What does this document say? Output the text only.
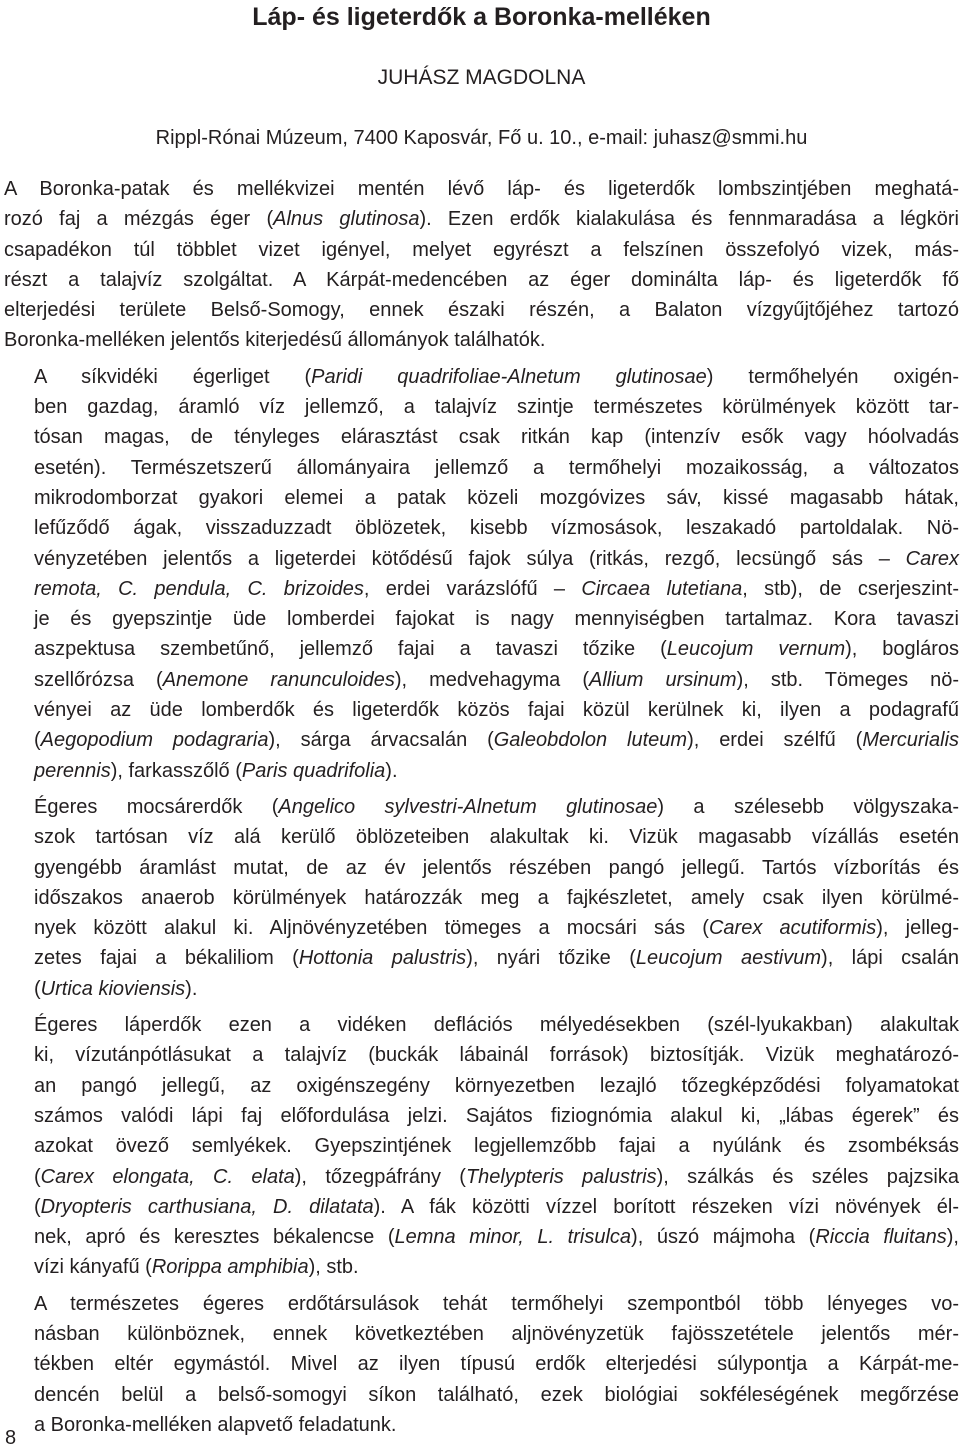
Láp- és ligeterdők a Boronka-melléken
JUHÁSZ MAGDOLNA
Rippl-Rónai Múzeum, 7400 Kaposvár, Fő u. 10., e-mail: juhasz@smmi.hu

A Boronka-patak és mellékvizei mentén lévő láp- és ligeterdők lombszintjében meghatá-
rozó faj a mézgás éger (Alnus glutinosa). Ezen erdők kialakulása és fennmaradása a légköri
csapadékon túl többlet vizet igényel, melyet egyrészt a felszínen összefolyó vizek, más-
részt a talajvíz szolgáltat. A Kárpát-medencében az éger dominálta láp- és ligeterdők fő
elterjedési területe Belső-Somogy, ennek északi részén, a Balaton vízgyűjtőjéhez tartozó
Boronka-melléken jelentős kiterjedésű állományok találhatók.

A síkvidéki égerliget (Paridi quadrifoliae-Alnetum glutinosae) termőhelyén oxigén-
ben gazdag, áramló víz jellemző, a talajvíz szintje természetes körülmények között tar-
tósan magas, de tényleges elárasztást csak ritkán kap (intenzív esők vagy hóolvadás
esetén). Természetszerű állományaira jellemző a termőhelyi mozaikosság, a változatos
mikrodomborzat gyakori elemei a patak közeli mozgóvizes sáv, kissé magasabb hátak,
lefűződő ágak, visszaduzzadt öblözetek, kisebb vízmosások, leszakadó partoldalak. Nö-
vényzetében jelentős a ligeterdei kötődésű fajok súlya (ritkás, rezgő, lecsüngő sás – Carex
remota, C. pendula, C. brizoides, erdei varázslófű – Circaea lutetiana, stb), de cserjeszint-
je és gyepszintje üde lomberdei fajokat is nagy mennyiségben tartalmaz. Kora tavaszi
aszpektusa szembetűnő, jellemző fajai a tavaszi tőzike (Leucojum vernum), bogláros
szellőrózsa (Anemone ranunculoides), medvehagyma (Allium ursinum), stb. Tömeges nö-
vényei az üde lomberdők és ligeterdők közös fajai közül kerülnek ki, ilyen a podagrafű
(Aegopodium podagraria), sárga árvacsalán (Galeobdolon luteum), erdei szélfű (Mercurialis
perennis), farkasszőlő (Paris quadrifolia).

Égeres mocsárerdők (Angelico sylvestri-Alnetum glutinosae) a szélesebb völgyszaka-
szok tartósan víz alá kerülő öblözeteiben alakultak ki. Vizük magasabb vízállás esetén
gyengébb áramlást mutat, de az év jelentős részében pangó jellegű. Tartós vízborítás és
időszakos anaerob körülmények határozzák meg a fajkészletet, amely csak ilyen körülmé-
nyek között alakul ki. Aljnövényzetében tömeges a mocsári sás (Carex acutiformis), jelleg-
zetes fajai a békaliliom (Hottonia palustris), nyári tőzike (Leucojum aestivum), lápi csalán
(Urtica kioviensis).

Égeres láperdők ezen a vidéken deflációs mélyedésekben (szél-lyukakban) alakultak
ki, vízutánpótlásukat a talajvíz (buckák lábainál források) biztosítják. Vizük meghatározó-
an pangó jellegű, az oxigénszegény környezetben lezajló tőzegképződési folyamatokat
számos valódi lápi faj előfordulása jelzi. Sajátos fiziognómia alakul ki, „lábas égerek” és
azokat övező semlyékek. Gyepszintjének legjellemzőbb fajai a nyúlánk és zsombéksás
(Carex elongata, C. elata), tőzegpáfrány (Thelypteris palustris), szálkás és széles pajzsika
(Dryopteris carthusiana, D. dilatata). A fák közötti vízzel borított részeken vízi növények él-
nek, apró és keresztes békalencse (Lemna minor, L. trisulca), úszó májmoha (Riccia fluitans),
vízi kányafű (Rorippa amphibia), stb.

A természetes égeres erdőtársulások tehát termőhelyi szempontból több lényeges vo-
násban különböznek, ennek következtében aljnövényzetük fajösszetétele jelentős mér-
tékben eltér egymástól. Mivel az ilyen típusú erdők elterjedési súlypontja a Kárpát-me-
dencén belül a belső-somogyi síkon található, ezek biológiai sokféleségének megőrzése
a Boronka-melléken alapvető feladatunk.

8
